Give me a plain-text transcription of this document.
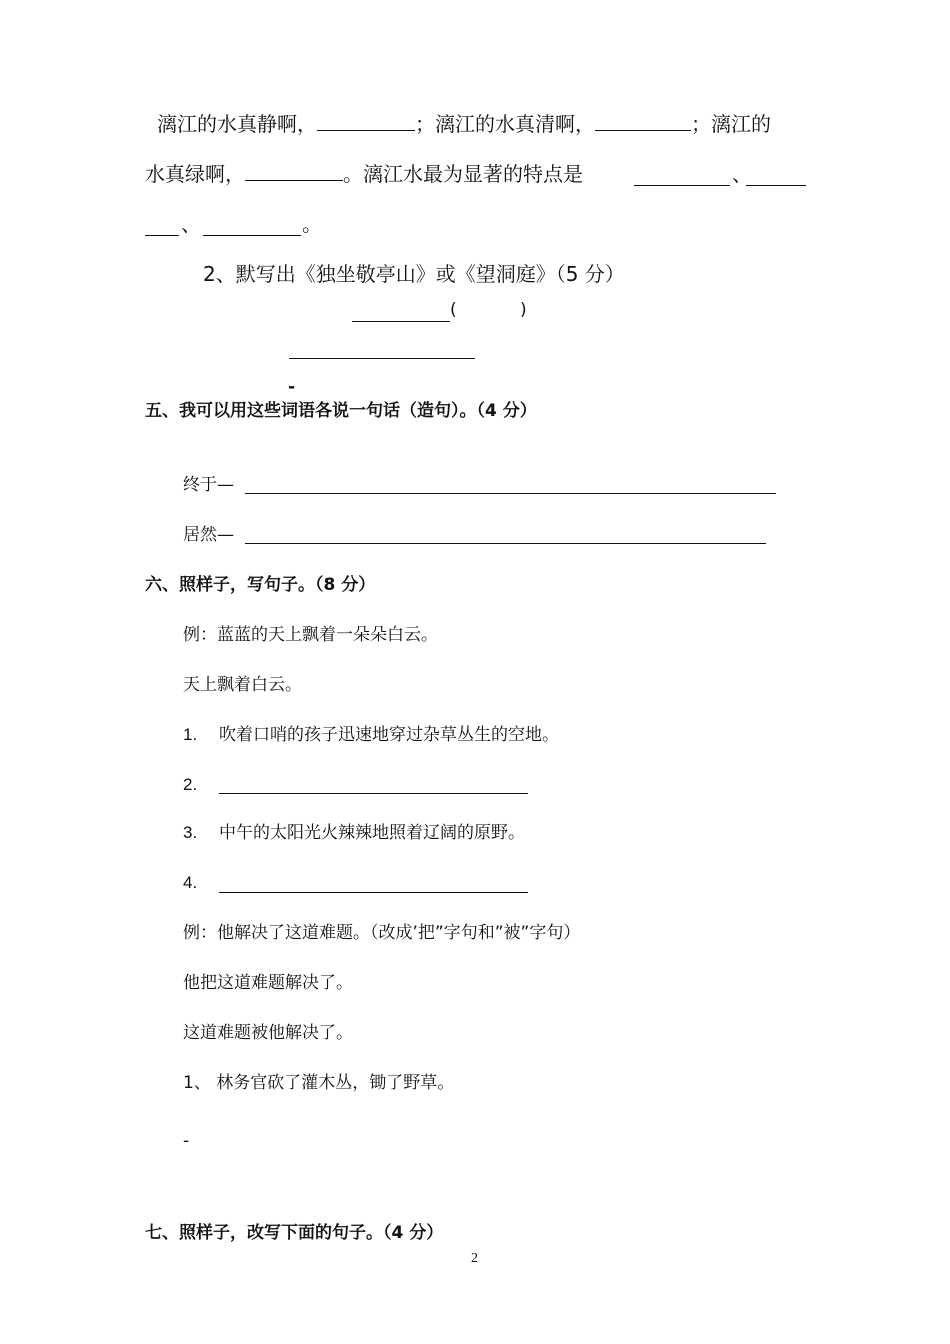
漓江的水真静啊，	；漓江的水真清啊，	；漓江的
水真绿啊，	。漓江水最为显著的特点是	、
、	。
2、默写出《独坐敬亭山》或《望洞庭》（5 分）
(	)
-
五、我可以用这些词语各说一句话（造句）。（4 分）
终于—
居然—
六、照样子，写句子。（8 分）
例：蓝蓝的天上飘着一朵朵白云。
天上飘着白云。
1. 吹着口哨的孩子迅速地穿过杂草丛生的空地。
2.
3. 中午的太阳光火辣辣地照着辽阔的原野。
4.
例：他解决了这道难题。（改成’把”字句和”被”字句）
他把这道难题解决了。
这道难题被他解决了。
1、 林务官砍了灌木丛，锄了野草。
-
七、照样子，改写下面的句子。（4 分）
2
